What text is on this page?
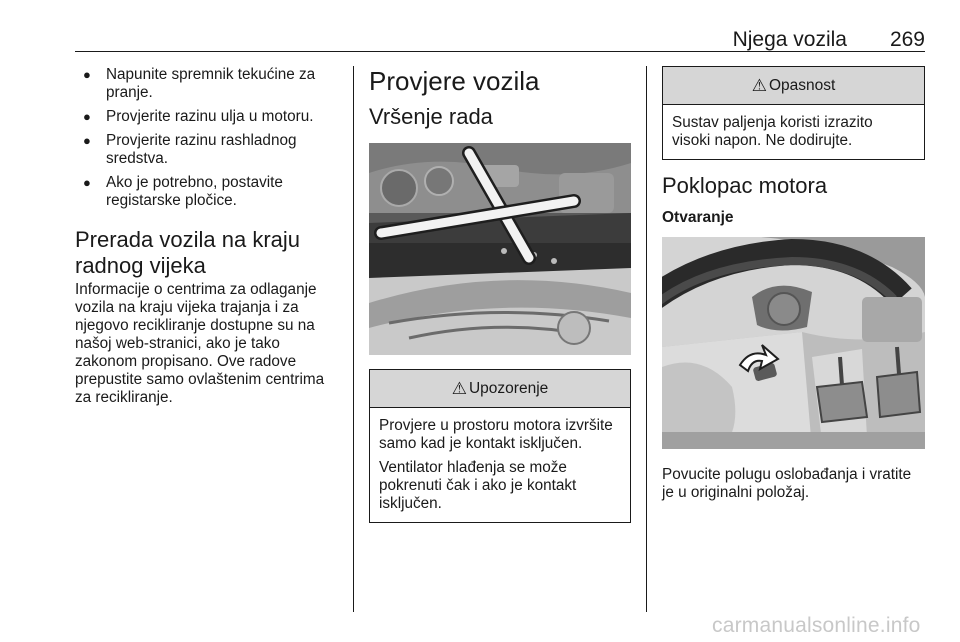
Njega vozila 269
● Napunite spremnik tekućine za pranje.
● Provjerite razinu ulja u motoru.
● Provjerite razinu rashladnog sredstva.
● Ako je potrebno, postavite registarske pločice.
Prerada vozila na kraju
radnog vijeka

Informacije o centrima za odlaganje vozila na kraju vijeka trajanja i za njegovo recikliranje dostupne su na našoj web-stranici, ako je tako zakonom propisano. Ove radove prepustite samo ovlaštenim centrima za recikliranje.

Provjere vozila
Vršenje rada
⚠ Upozorenje

Provjere u prostoru motora izvršite samo kad je kontakt isključen.

Ventilator hlađenja se može pokrenuti čak i ako je kontakt isključen.

⚠ Opasnost

Sustav paljenja koristi izrazito visoki napon. Ne dodirujte.

Poklopac motora
Otvaranje

Povucite polugu oslobađanja i vratite je u originalni položaj.

carmanualsonline.info
